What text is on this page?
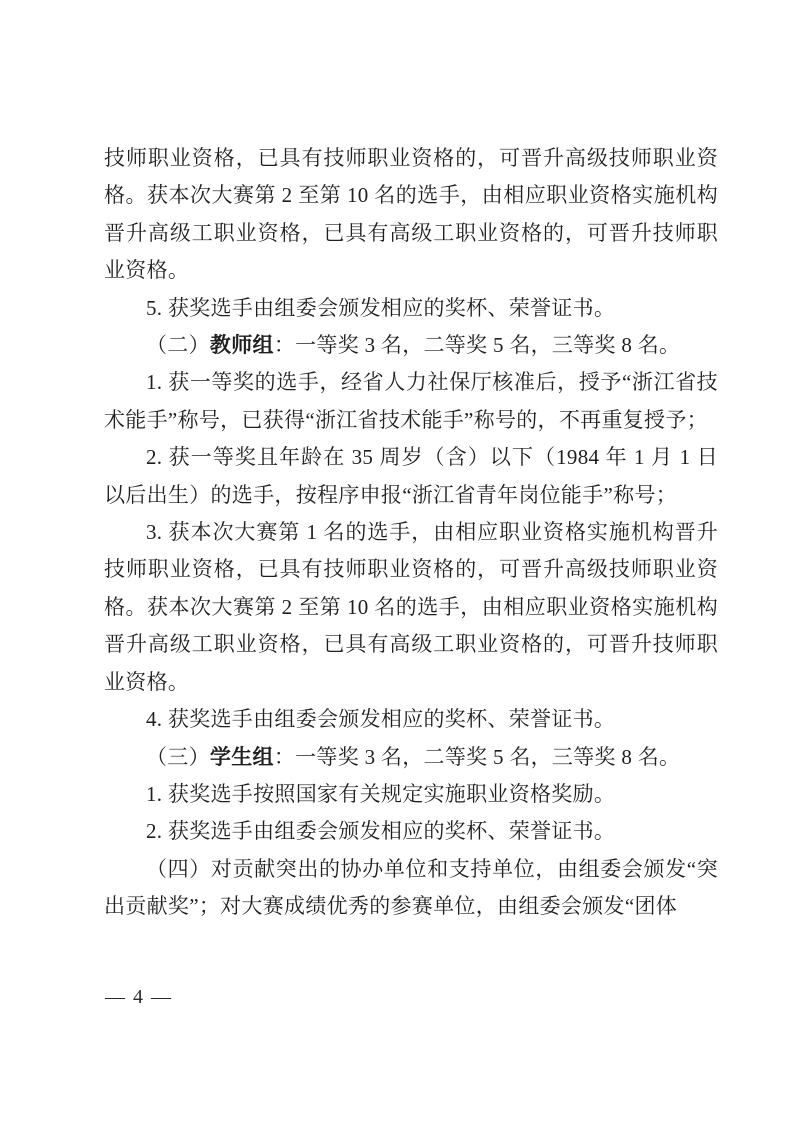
技师职业资格，已具有技师职业资格的，可晋升高级技师职业资格。获本次大赛第 2 至第 10 名的选手，由相应职业资格实施机构晋升高级工职业资格，已具有高级工职业资格的，可晋升技师职业资格。

5. 获奖选手由组委会颁发相应的奖杯、荣誉证书。

（二）教师组：一等奖 3 名，二等奖 5 名，三等奖 8 名。

1. 获一等奖的选手，经省人力社保厅核准后，授予“浙江省技术能手”称号，已获得“浙江省技术能手”称号的，不再重复授予；

2. 获一等奖且年龄在 35 周岁（含）以下（1984 年 1 月 1 日以后出生）的选手，按程序申报“浙江省青年岗位能手”称号；

3. 获本次大赛第 1 名的选手，由相应职业资格实施机构晋升技师职业资格，已具有技师职业资格的，可晋升高级技师职业资格。获本次大赛第 2 至第 10 名的选手，由相应职业资格实施机构晋升高级工职业资格，已具有高级工职业资格的，可晋升技师职业资格。

4. 获奖选手由组委会颁发相应的奖杯、荣誉证书。

（三）学生组：一等奖 3 名，二等奖 5 名，三等奖 8 名。

1. 获奖选手按照国家有关规定实施职业资格奖励。

2. 获奖选手由组委会颁发相应的奖杯、荣誉证书。

（四）对贡献突出的协办单位和支持单位，由组委会颁发“突出贡献奖”；对大赛成绩优秀的参赛单位，由组委会颁发“团体

— 4 —
